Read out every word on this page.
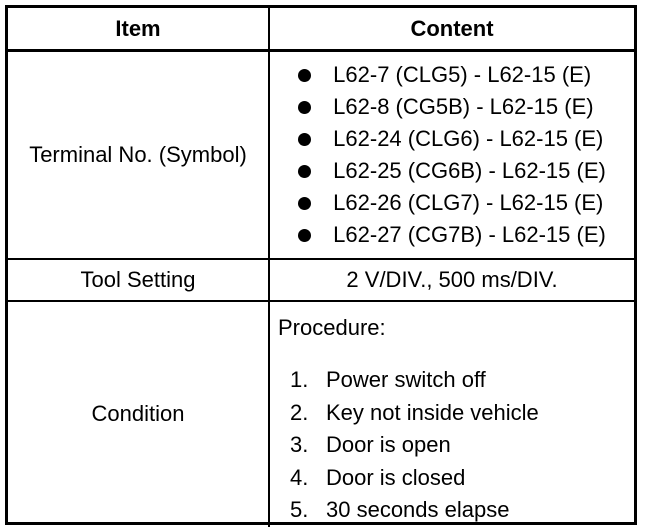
Item	Content
Terminal No. (Symbol)
L62-7 (CLG5) - L62-15 (E)
L62-8 (CG5B) - L62-15 (E)
L62-24 (CLG6) - L62-15 (E)
L62-25 (CG6B) - L62-15 (E)
L62-26 (CLG7) - L62-15 (E)
L62-27 (CG7B) - L62-15 (E)
Tool Setting	2 V/DIV., 500 ms/DIV.
Condition
Procedure:
1. Power switch off
2. Key not inside vehicle
3. Door is open
4. Door is closed
5. 30 seconds elapse
